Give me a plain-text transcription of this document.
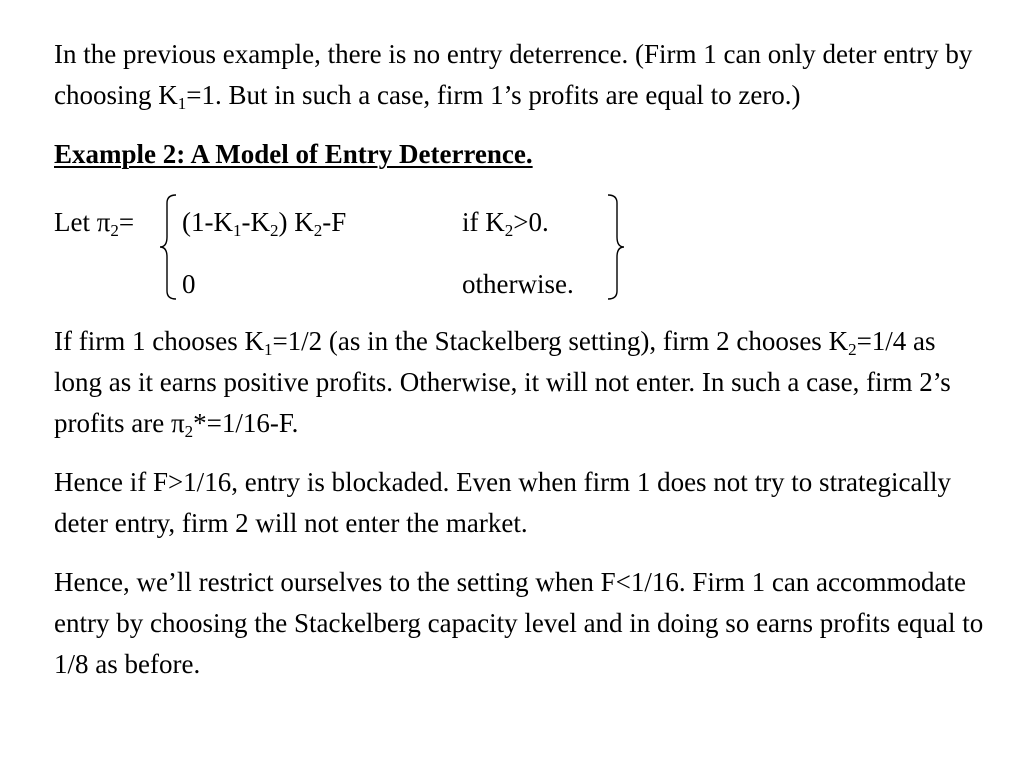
In the previous example, there is no entry deterrence. (Firm 1 can only deter entry by choosing $K_1=1$. But in such a case, firm 1’s profits are equal to zero.)

Example 2: A Model of Entry Deterrence.

Let $\pi_2= (1-K_1-K_2)$ $K_2-F$	if $K_2>0$.
0	otherwise.

If firm 1 chooses $K_1=1/2$ (as in the Stackelberg setting), firm 2 chooses $K_2=1/4$ as long as it earns positive profits. Otherwise, it will not enter. In such a case, firm 2’s profits are $\pi_2*=1/16-F$.

Hence if F>1/16, entry is blockaded. Even when firm 1 does not try to strategically deter entry, firm 2 will not enter the market.

Hence, we’ll restrict ourselves to the setting when F<1/16. Firm 1 can accommodate entry by choosing the Stackelberg capacity level and in doing so earns profits equal to 1/8 as before.
